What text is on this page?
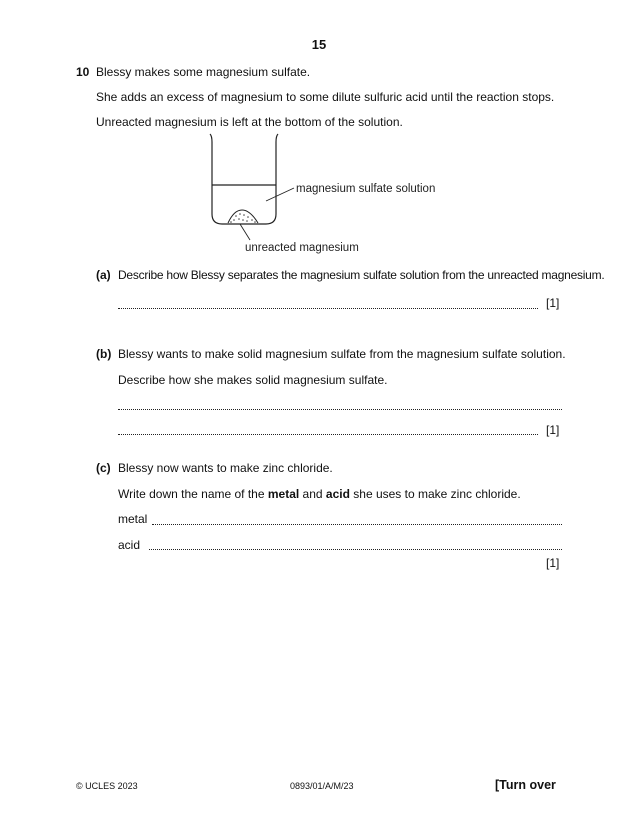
15
10 Blessy makes some magnesium sulfate.
She adds an excess of magnesium to some dilute sulfuric acid until the reaction stops.
Unreacted magnesium is left at the bottom of the solution.
magnesium sulfate solution
unreacted magnesium
(a) Describe how Blessy separates the magnesium sulfate solution from the unreacted magnesium.
[1]
(b) Blessy wants to make solid magnesium sulfate from the magnesium sulfate solution.
Describe how she makes solid magnesium sulfate.
[1]
(c) Blessy now wants to make zinc chloride.
Write down the name of the metal and acid she uses to make zinc chloride.
metal
acid
[1]
© UCLES 2023	0893/01/A/M/23	[Turn over
